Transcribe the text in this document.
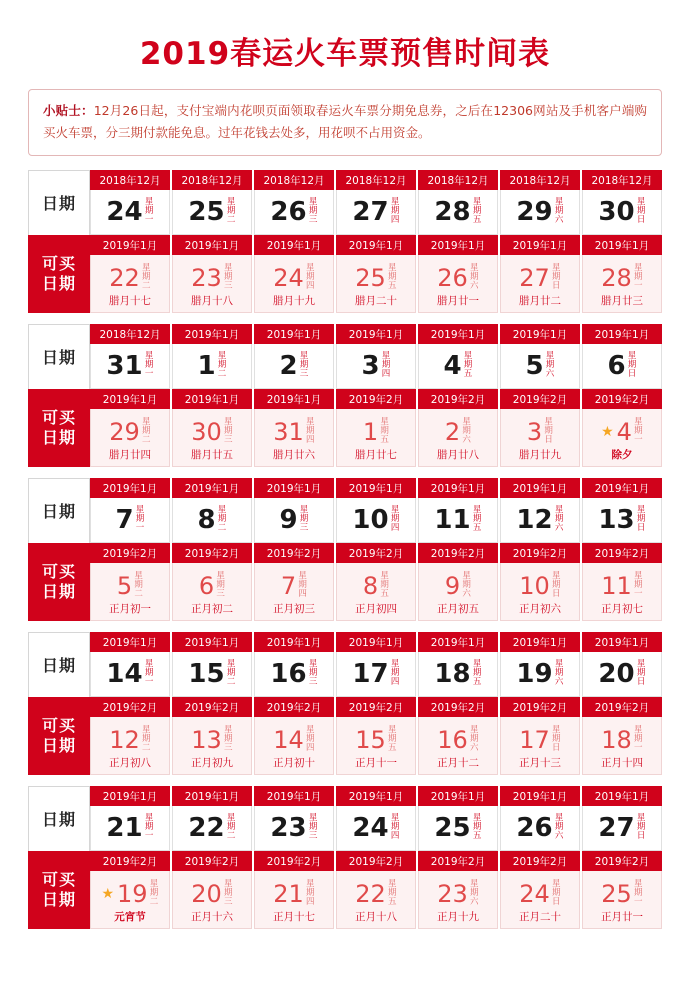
2019春运火车票预售时间表
小贴士：12月26日起，支付宝端内花呗页面领取春运火车票分期免息券，之后在12306网站及手机客户端购买火车票，分三期付款能免息。过年花钱去处多，用花呗不占用资金。
日期
2018年12月
24 星期一
2018年12月
25 星期二
2018年12月
26 星期三
2018年12月
27 星期四
2018年12月
28 星期五
2018年12月
29 星期六
2018年12月
30 星期日
可买
日期
2019年1月
22 星期二
腊月十七
2019年1月
23 星期三
腊月十八
2019年1月
24 星期四
腊月十九
2019年1月
25 星期五
腊月二十
2019年1月
26 星期六
腊月廿一
2019年1月
27 星期日
腊月廿二
2019年1月
28 星期一
腊月廿三
日期
2018年12月
31 星期一
2019年1月
1 星期二
2019年1月
2 星期三
2019年1月
3 星期四
2019年1月
4 星期五
2019年1月
5 星期六
2019年1月
6 星期日
可买
日期
2019年1月
29 星期二
腊月廿四
2019年1月
30 星期三
腊月廿五
2019年1月
31 星期四
腊月廿六
2019年2月
1 星期五
腊月廿七
2019年2月
2 星期六
腊月廿八
2019年2月
3 星期日
腊月廿九
2019年2月
★ 4 星期一
除夕
日期
2019年1月
7 星期一
2019年1月
8 星期二
2019年1月
9 星期三
2019年1月
10 星期四
2019年1月
11 星期五
2019年1月
12 星期六
2019年1月
13 星期日
可买
日期
2019年2月
5 星期二
正月初一
2019年2月
6 星期三
正月初二
2019年2月
7 星期四
正月初三
2019年2月
8 星期五
正月初四
2019年2月
9 星期六
正月初五
2019年2月
10 星期日
正月初六
2019年2月
11 星期一
正月初七
日期
2019年1月
14 星期一
2019年1月
15 星期二
2019年1月
16 星期三
2019年1月
17 星期四
2019年1月
18 星期五
2019年1月
19 星期六
2019年1月
20 星期日
可买
日期
2019年2月
12 星期二
正月初八
2019年2月
13 星期三
正月初九
2019年2月
14 星期四
正月初十
2019年2月
15 星期五
正月十一
2019年2月
16 星期六
正月十二
2019年2月
17 星期日
正月十三
2019年2月
18 星期一
正月十四
日期
2019年1月
21 星期一
2019年1月
22 星期二
2019年1月
23 星期三
2019年1月
24 星期四
2019年1月
25 星期五
2019年1月
26 星期六
2019年1月
27 星期日
可买
日期
2019年2月
★ 19 星期二
元宵节
2019年2月
20 星期三
正月十六
2019年2月
21 星期四
正月十七
2019年2月
22 星期五
正月十八
2019年2月
23 星期六
正月十九
2019年2月
24 星期日
正月二十
2019年2月
25 星期一
正月廿一
